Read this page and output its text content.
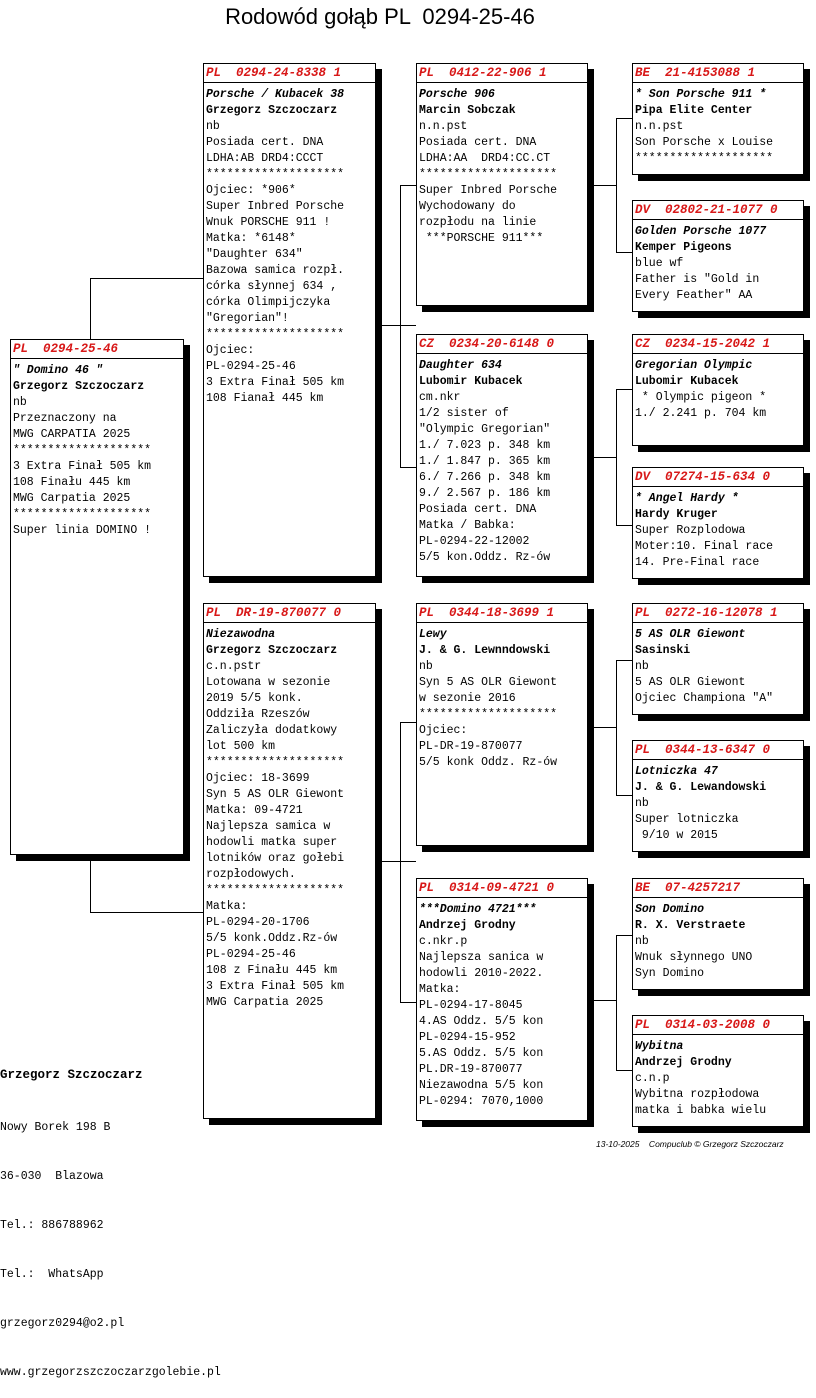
Rodowód gołąb PL  0294-25-46
PL  0294-25-46
" Domino 46 "
Grzegorz Szczoczarz
nb
Przeznaczony na
MWG CARPATIA 2025
********************
3 Extra Finał 505 km
108 Finału 445 km
MWG Carpatia 2025
********************
Super linia DOMINO !
PL  0294-24-8338 1
Porsche / Kubacek 38
Grzegorz Szczoczarz
nb
Posiada cert. DNA
LDHA:AB DRD4:CCCT
********************
Ojciec: *906*
Super Inbred Porsche
Wnuk PORSCHE 911 !
Matka: *6148*
"Daughter 634"
Bazowa samica rozpł.
córka słynnej 634 ,
córka Olimpijczyka
"Gregorian"!
********************
Ojciec:
PL-0294-25-46
3 Extra Finał 505 km
108 Fianał 445 km
PL  DR-19-870077 0
Niezawodna
Grzegorz Szczoczarz
c.n.pstr
Lotowana w sezonie
2019 5/5 konk.
Oddziła Rzeszów
Zaliczyła dodatkowy
lot 500 km
********************
Ojciec: 18-3699
Syn 5 AS OLR Giewont
Matka: 09-4721
Najlepsza samica w
hodowli matka super
lotników oraz gołebi
rozpłodowych.
********************
Matka:
PL-0294-20-1706
5/5 konk.Oddz.Rz-ów
PL-0294-25-46
108 z Finału 445 km
3 Extra Finał 505 km
MWG Carpatia 2025
PL  0412-22-906 1
Porsche 906
Marcin Sobczak
n.n.pst
Posiada cert. DNA
LDHA:AA  DRD4:CC.CT
********************
Super Inbred Porsche
Wychodowany do
rozpłodu na linie
***PORSCHE 911***
CZ  0234-20-6148 0
Daughter 634
Lubomir Kubacek
cm.nkr
1/2 sister of
"Olympic Gregorian"
1./ 7.023 p. 348 km
1./ 1.847 p. 365 km
6./ 7.266 p. 348 km
9./ 2.567 p. 186 km
Posiada cert. DNA
Matka / Babka:
PL-0294-22-12002
5/5 kon.Oddz. Rz-ów
PL  0344-18-3699 1
Lewy
J. & G. Lewnndowski
nb
Syn 5 AS OLR Giewont
w sezonie 2016
********************
Ojciec:
PL-DR-19-870077
5/5 konk Oddz. Rz-ów
PL  0314-09-4721 0
***Domino 4721***
Andrzej Grodny
c.nkr.p
Najlepsza sanica w
hodowli 2010-2022.
Matka:
PL-0294-17-8045
4.AS Oddz. 5/5 kon
PL-0294-15-952
5.AS Oddz. 5/5 kon
PL.DR-19-870077
Niezawodna 5/5 kon
PL-0294: 7070,1000
BE  21-4153088 1
* Son Porsche 911 *
Pipa Elite Center
n.n.pst
Son Porsche x Louise
********************
DV  02802-21-1077 0
Golden Porsche 1077
Kemper Pigeons
blue wf
Father is "Gold in
Every Feather" AA
CZ  0234-15-2042 1
Gregorian Olympic
Lubomir Kubacek
* Olympic pigeon *
1./ 2.241 p. 704 km
DV  07274-15-634 0
* Angel Hardy *
Hardy Kruger
Super Rozplodowa
Moter:10. Final race
14. Pre-Final race
PL  0272-16-12078 1
5 AS OLR Giewont
Sasinski
nb
5 AS OLR Giewont
Ojciec Championa "A"
PL  0344-13-6347 0
Lotniczka 47
J. & G. Lewandowski
nb
Super lotniczka
9/10 w 2015
BE  07-4257217
Son Domino
R. X. Verstraete
nb
Wnuk słynnego UNO
Syn Domino
PL  0314-03-2008 0
Wybitna
Andrzej Grodny
c.n.p
Wybitna rozpłodowa
matka i babka wielu

Grzegorz Szczoczarz

Nowy Borek 198 B

36-030  Blazowa

Tel.: 886788962

Tel.:  WhatsApp

grzegorz0294@o2.pl

www.grzegorzszczoczarzgolebie.pl

13-10-2025    Compuclub © Grzegorz Szczoczarz
